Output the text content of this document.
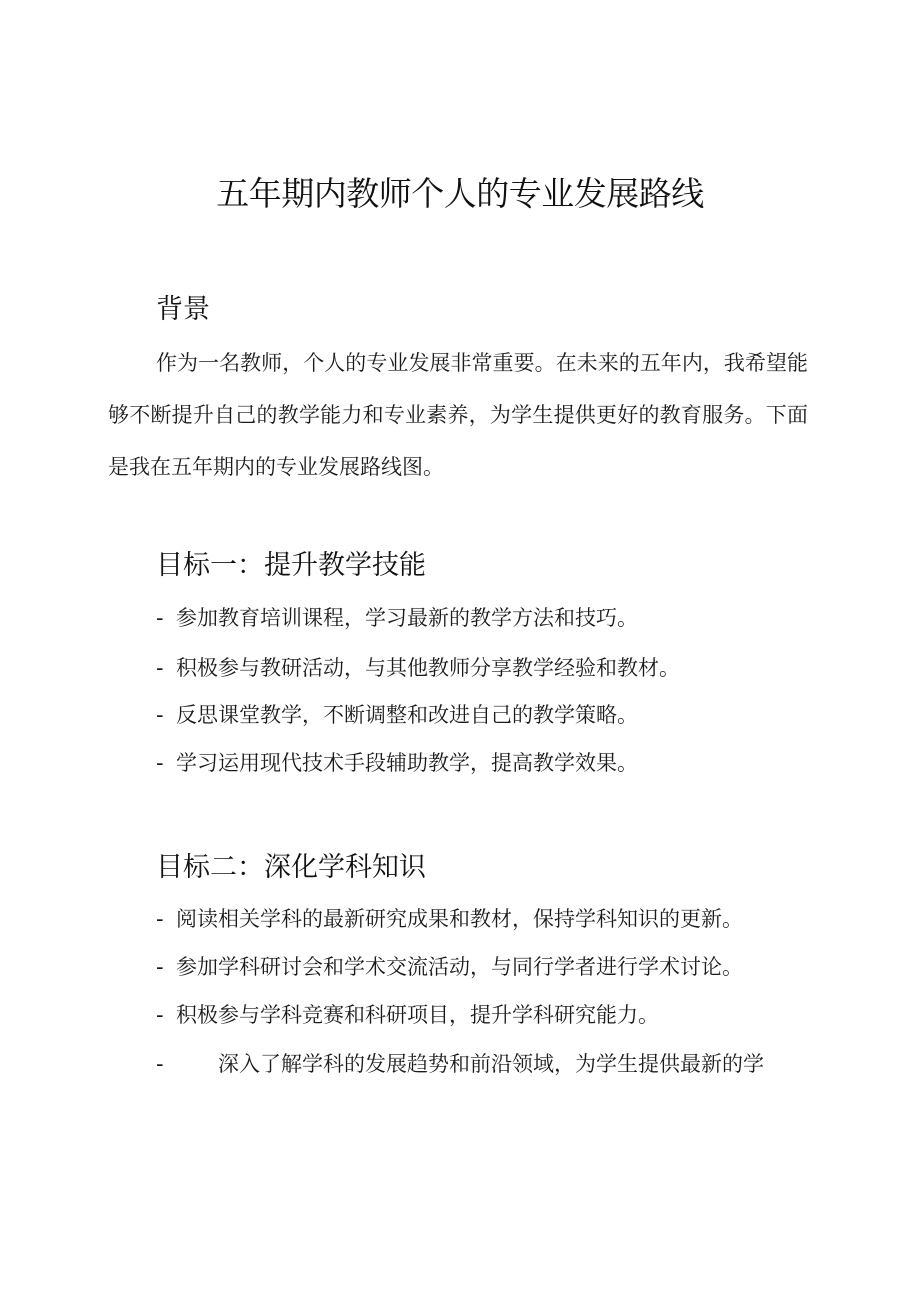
五年期内教师个人的专业发展路线
背景
作为一名教师，个人的专业发展非常重要。在未来的五年内，我希望能够不断提升自己的教学能力和专业素养，为学生提供更好的教育服务。下面是我在五年期内的专业发展路线图。
目标一：提升教学技能
- 参加教育培训课程，学习最新的教学方法和技巧。
- 积极参与教研活动，与其他教师分享教学经验和教材。
- 反思课堂教学，不断调整和改进自己的教学策略。
- 学习运用现代技术手段辅助教学，提高教学效果。
目标二：深化学科知识
- 阅读相关学科的最新研究成果和教材，保持学科知识的更新。
- 参加学科研讨会和学术交流活动，与同行学者进行学术讨论。
- 积极参与学科竞赛和科研项目，提升学科研究能力。
-	深入了解学科的发展趋势和前沿领域，为学生提供最新的学
